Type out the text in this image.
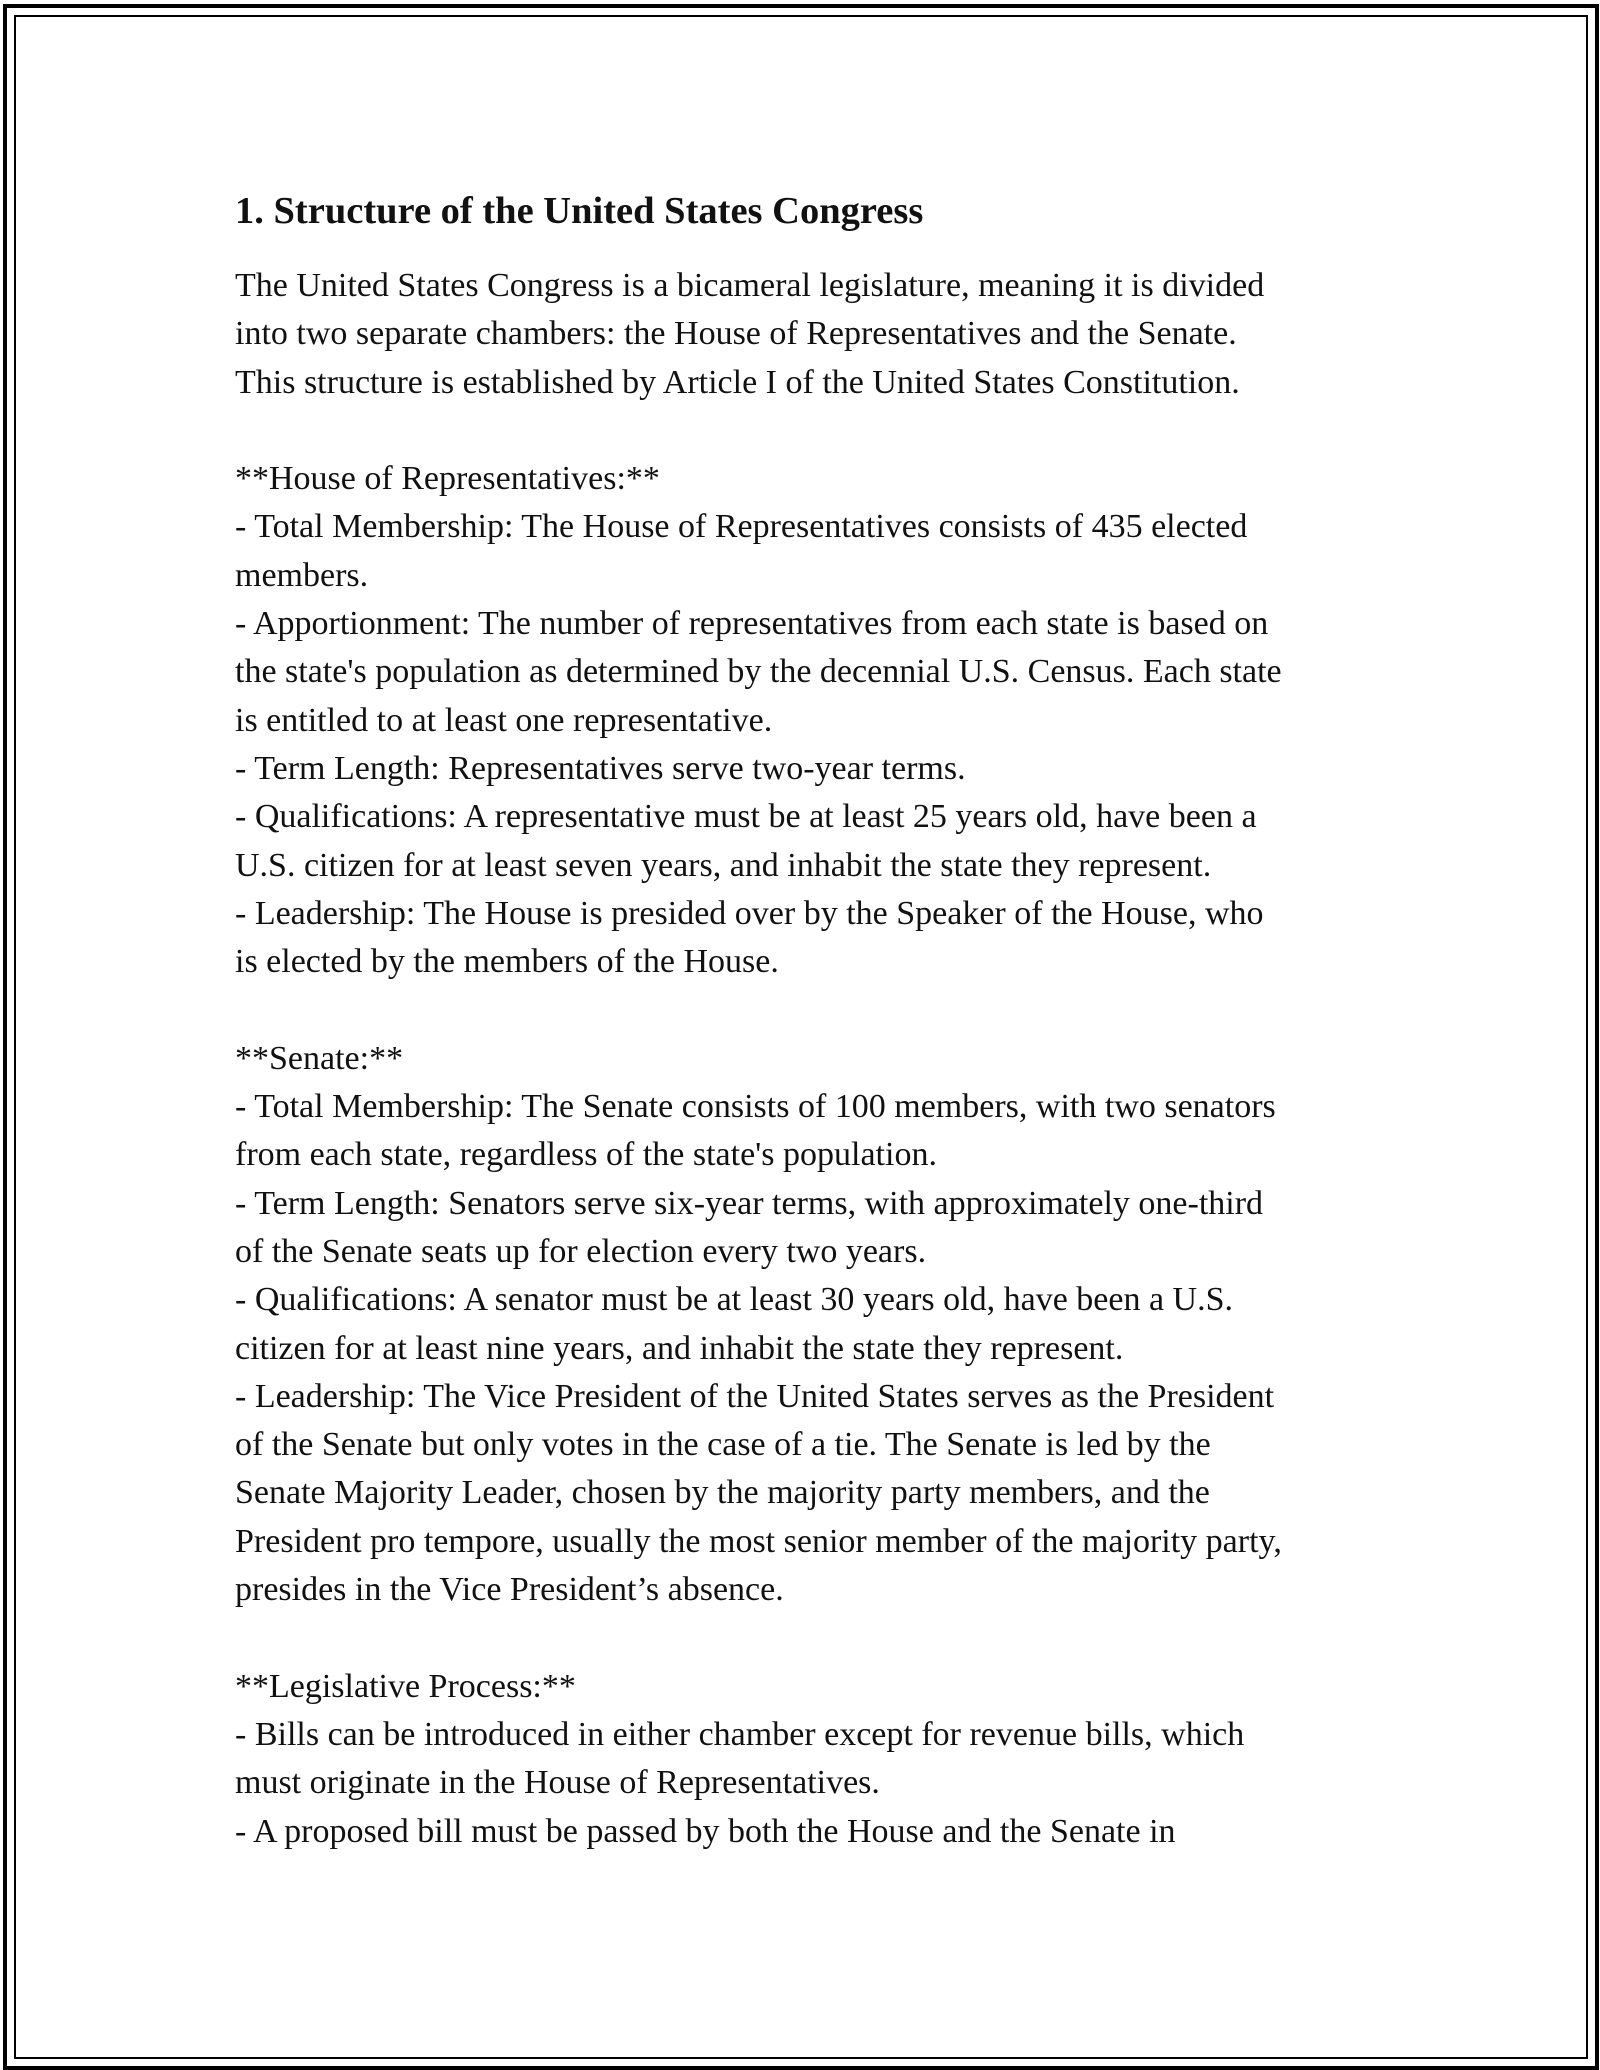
1. Structure of the United States Congress
The United States Congress is a bicameral legislature, meaning it is divided
into two separate chambers: the House of Representatives and the Senate.
This structure is established by Article I of the United States Constitution.
**House of Representatives:**
- Total Membership: The House of Representatives consists of 435 elected
members.
- Apportionment: The number of representatives from each state is based on
the state's population as determined by the decennial U.S. Census. Each state
is entitled to at least one representative.
- Term Length: Representatives serve two-year terms.
- Qualifications: A representative must be at least 25 years old, have been a
U.S. citizen for at least seven years, and inhabit the state they represent.
- Leadership: The House is presided over by the Speaker of the House, who
is elected by the members of the House.
**Senate:**
- Total Membership: The Senate consists of 100 members, with two senators
from each state, regardless of the state's population.
- Term Length: Senators serve six-year terms, with approximately one-third
of the Senate seats up for election every two years.
- Qualifications: A senator must be at least 30 years old, have been a U.S.
citizen for at least nine years, and inhabit the state they represent.
- Leadership: The Vice President of the United States serves as the President
of the Senate but only votes in the case of a tie. The Senate is led by the
Senate Majority Leader, chosen by the majority party members, and the
President pro tempore, usually the most senior member of the majority party,
presides in the Vice President’s absence.
**Legislative Process:**
- Bills can be introduced in either chamber except for revenue bills, which
must originate in the House of Representatives.
- A proposed bill must be passed by both the House and the Senate in
